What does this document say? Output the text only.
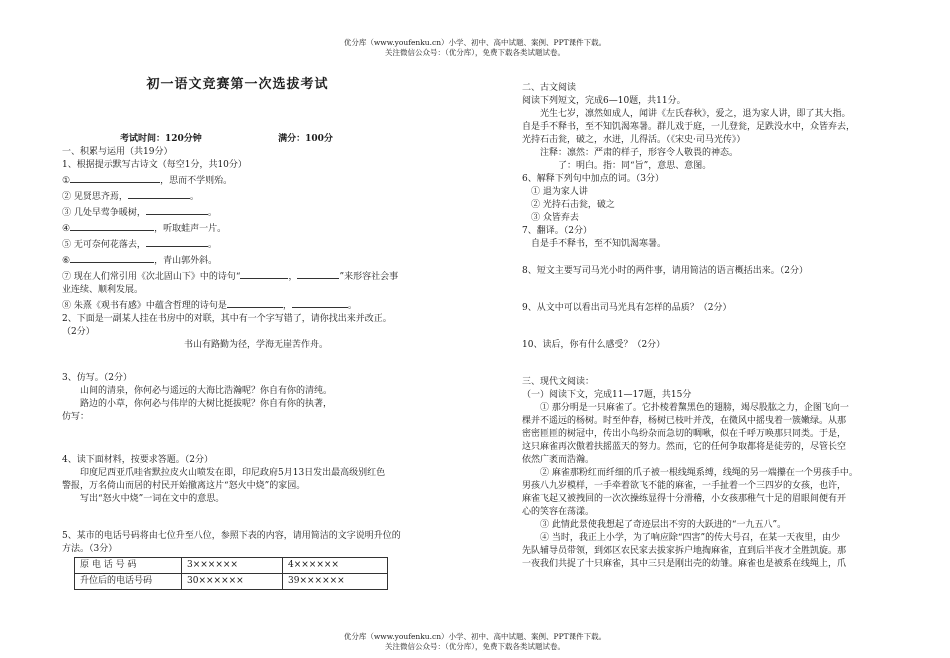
优分库（www.youfenku.cn）小学、初中、高中试题、案例、PPT课件下载。
关注微信公众号：（优分库），免费下载各类试题试卷。
初一语文竞赛第一次选拔考试

考试时间：120分钟	满分：100分

一、积累与运用（共19分）

1、根据提示默写古诗文（每空1分，共10分）

①	，思而不学则殆。

② 见贤思齐焉，	。

③ 几处早莺争暖树，	。

④	，听取蛙声一片。

⑤ 无可奈何花落去，	。

⑥	，青山郭外斜。

⑦ 现在人们常引用《次北固山下》中的诗句“	，	”来形容社会事

业连续、顺利发展。

⑧ 朱熹《观书有感》中蕴含哲理的诗句是	，	。

2、下面是一副某人挂在书房中的对联，其中有一个字写错了，请你找出来并改正。

（2分）

书山有路勤为径，学海无崖苦作舟。

3、仿写。（2分）

山间的清泉，你何必与遥远的大海比浩瀚呢？你自有你的清纯。

路边的小草，你何必与伟岸的大树比挺拔呢？你自有你的执著，

仿写：

4、读下面材料，按要求答题。（2分）

印度尼西亚爪哇省默拉皮火山喷发在即，印尼政府5月13日发出最高级别红色

警报，万名倚山而居的村民开始撤离这片“怒火中烧”的家园。

写出“怒火中烧”一词在文中的意思。

5、某市的电话号码将由七位升至八位，参照下表的内容，请用简洁的文字说明升位的

方法。（3分）

原 电 话 号 码	3××××××	4××××××
升位后的电话号码	30××××××	39××××××

二、古文阅读

阅读下列短文，完成6—10题，共11分。

光生七岁，凛然如成人，闻讲《左氏春秋》，爱之，退为家人讲，即了其大指。

自是手不释书，至不知饥渴寒暑。群儿戏于庭，一儿登瓮，足跌没水中，众皆弃去，

光持石击瓮，破之，水迸，儿得活。（《宋史·司马光传》）

注释：凛然：严肃的样子，形容令人敬畏的神态。

了：明白。指：同“旨”，意思、意图。

6、解释下列句中加点的词。（3分）

① 退为家人讲

② 光持石击瓮，破之

③ 众皆弃去

7、翻译。（2分）

自是手不释书，至不知饥渴寒暑。

8、短文主要写司马光小时的两件事，请用简洁的语言概括出来。（2分）

9、从文中可以看出司马光具有怎样的品质？（2分）

10、读后，你有什么感受？（2分）

三、现代文阅读：

（一）阅读下文，完成11—17题，共15分

① 那分明是一只麻雀了。它扑棱着黧黑色的翅膀，竭尽股肱之力，企图飞向一

棵并不遥远的杨树。时至仲春，杨树已枝叶并茂，在微风中摇曳着一簇嫩绿。从那

密密匝匝的树冠中，传出小鸟纷杂而急切的啁啾，似在千呼万唤那只同类。于是，

这只麻雀再次傲着扶摇蓝天的努力。然而，它的任何争取都将是徒劳的，尽管长空

依然广袤而浩瀚。

② 麻雀那粉红而纤细的爪子被一根线绳系缚，线绳的另一端攥在一个男孩手中。

男孩八九岁模样，一手牵着欲飞不能的麻雀，一手扯着一个三四岁的女孩，也许，

麻雀飞起又被拽回的一次次操练显得十分滑稽，小女孩那稚气十足的眉眼间便有开

心的笑容在荡漾。

③ 此情此景使我想起了奇迹层出不穷的大跃进的“一九五八”。

④ 当时，我正上小学，为了响应除“四害”的传大号召，在某一天夜里，由少

先队辅导员带领，到郊区农民家去拔家拆户地掏麻雀，直到后半夜才全胜凯旋。那

一夜我们共捉了十只麻雀，其中三只是刚出壳的幼雏。麻雀也是被系在线绳上，爪

优分库（www.youfenku.cn）小学、初中、高中试题、案例、PPT课件下载。
关注微信公众号：（优分库），免费下载各类试题试卷。
